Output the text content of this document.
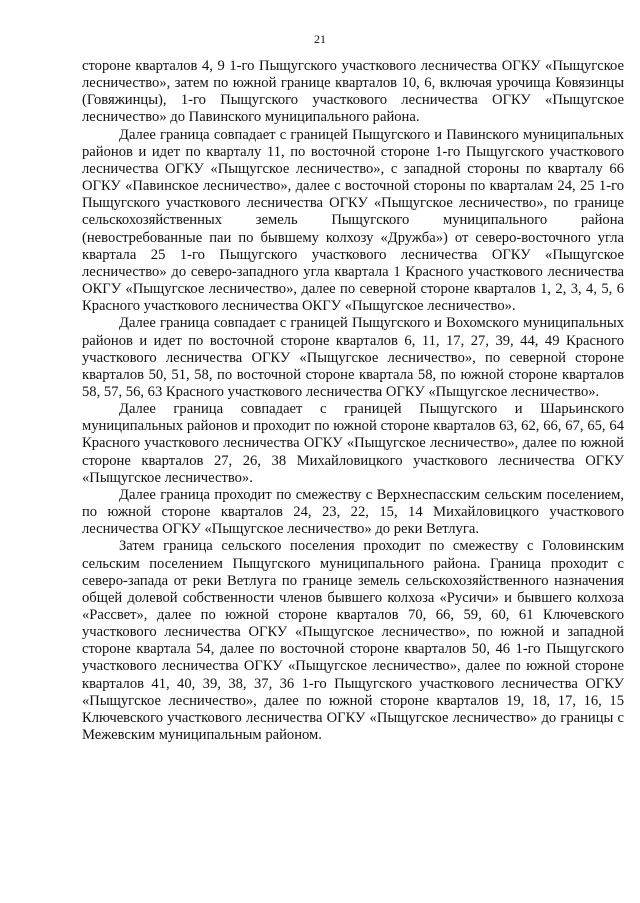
21

стороне кварталов 4, 9 1-го Пыщугского участкового лесничества ОГКУ «Пыщугское лесничество», затем по южной границе кварталов 10, 6, включая урочища Ковязинцы (Говяжинцы), 1-го Пыщугского участкового лесничества ОГКУ «Пыщугское лесничество» до Павинского муниципального района.

Далее граница совпадает с границей Пыщугского и Павинского муниципальных районов и идет по кварталу 11, по восточной стороне 1-го Пыщугского участкового лесничества ОГКУ «Пыщугское лесничество», с западной стороны по кварталу 66 ОГКУ «Павинское лесничество», далее с восточной стороны по кварталам 24, 25 1-го Пыщугского участкового лесничества ОГКУ «Пыщугское лесничество», по границе сельскохозяйственных земель Пыщугского муниципального района (невостребованные паи по бывшему колхозу «Дружба») от северо-восточного угла квартала 25 1-го Пыщугского участкового лесничества ОГКУ «Пыщугское лесничество» до северо-западного угла квартала 1 Красного участкового лесничества ОКГУ «Пыщугское лесничество», далее по северной стороне кварталов 1, 2, 3, 4, 5, 6 Красного участкового лесничества ОКГУ «Пыщугское лесничество».

Далее граница совпадает с границей Пыщугского и Вохомского муниципальных районов и идет по восточной стороне кварталов 6, 11, 17, 27, 39, 44, 49 Красного участкового лесничества ОГКУ «Пыщугское лесничество», по северной стороне кварталов 50, 51, 58, по восточной стороне квартала 58, по южной стороне кварталов 58, 57, 56, 63 Красного участкового лесничества ОГКУ «Пыщугское лесничество».

Далее граница совпадает с границей Пыщугского и Шарьинского муниципальных районов и проходит по южной стороне кварталов 63, 62, 66, 67, 65, 64 Красного участкового лесничества ОГКУ «Пыщугское лесничество», далее по южной стороне кварталов 27, 26, 38 Михайловицкого участкового лесничества ОГКУ «Пыщугское лесничество».

Далее граница проходит по смежеству с Верхнеспасским сельским поселением, по южной стороне кварталов 24, 23, 22, 15, 14 Михайловицкого участкового лесничества ОГКУ «Пыщугское лесничество» до реки Ветлуга.

Затем граница сельского поселения проходит по смежеству с Головинским сельским поселением Пыщугского муниципального района. Граница проходит с северо-запада от реки Ветлуга по границе земель сельскохозяйственного назначения общей долевой собственности членов бывшего колхоза «Русичи» и бывшего колхоза «Рассвет», далее по южной стороне кварталов 70, 66, 59, 60, 61 Ключевского участкового лесничества ОГКУ «Пыщугское лесничество», по южной и западной стороне квартала 54, далее по восточной стороне кварталов 50, 46 1-го Пыщугского участкового лесничества ОГКУ «Пыщугское лесничество», далее по южной стороне кварталов 41, 40, 39, 38, 37, 36 1-го Пыщугского участкового лесничества ОГКУ «Пыщугское лесничество», далее по южной стороне кварталов 19, 18, 17, 16, 15 Ключевского участкового лесничества ОГКУ «Пыщугское лесничество» до границы с Межевским муниципальным районом.
